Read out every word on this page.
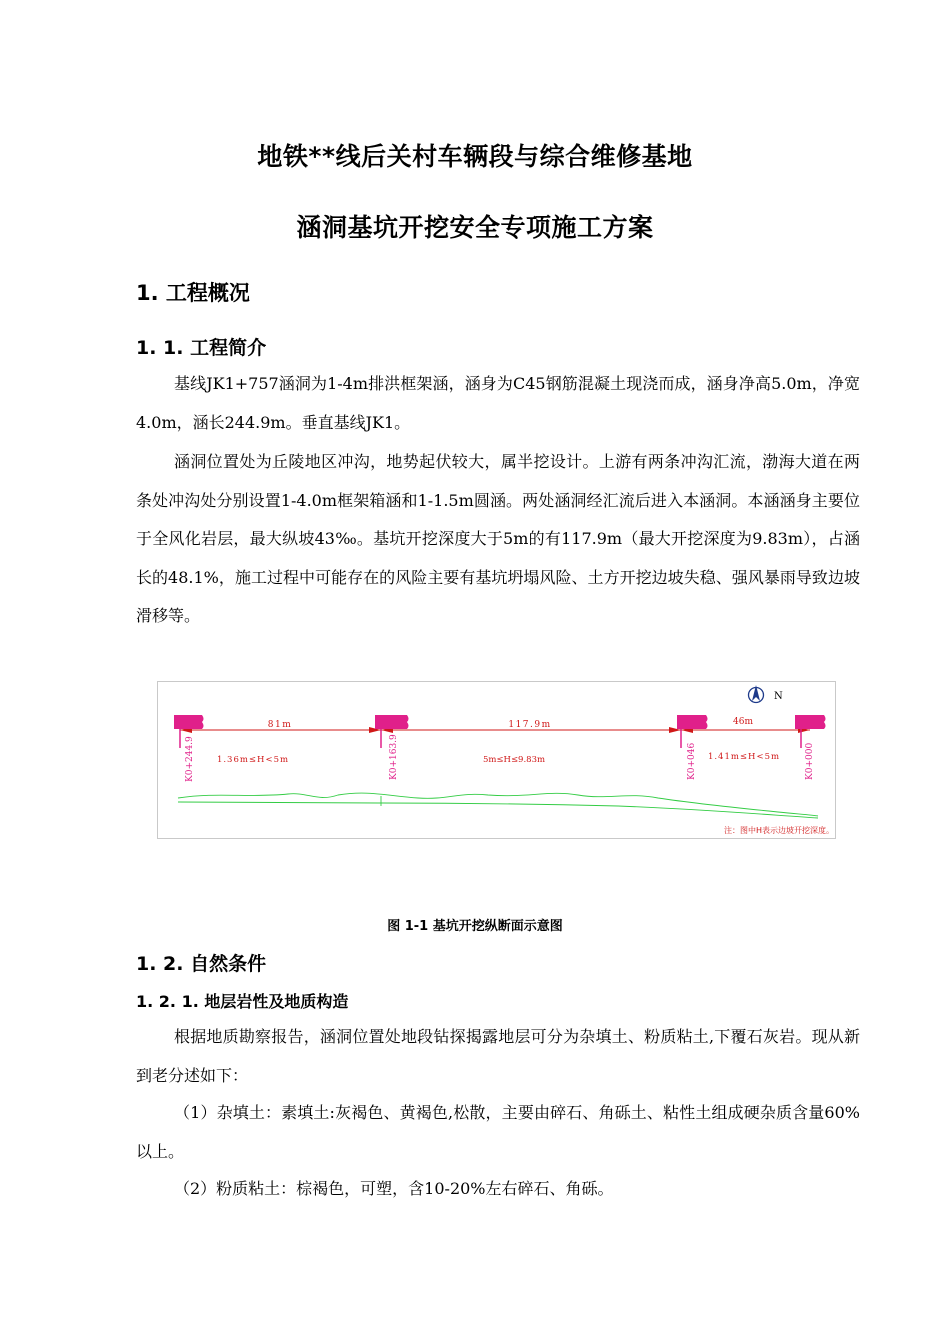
地铁**线后关村车辆段与综合维修基地
涵洞基坑开挖安全专项施工方案
1. 工程概况
1. 1. 工程简介

基线JK1+757涵洞为1-4m排洪框架涵，涵身为C45钢筋混凝土现浇而成，涵身净高5.0m，净宽4.0m，涵长244.9m。垂直基线JK1。

涵洞位置处为丘陵地区冲沟，地势起伏较大，属半挖设计。上游有两条冲沟汇流，渤海大道在两条处冲沟处分别设置1-4.0m框架箱涵和1-1.5m圆涵。两处涵洞经汇流后进入本涵洞。本涵涵身主要位于全风化岩层，最大纵坡43‰。基坑开挖深度大于5m的有117.9m（最大开挖深度为9.83m），占涵长的48.1%，施工过程中可能存在的风险主要有基坑坍塌风险、土方开挖边坡失稳、强风暴雨导致边坡滑移等。

N
81m	117.9m	46m
1.36m≤H<5m	5m≤H≤9.83m	1.41m≤H<5m
K0+244.9	K0+163.9	K0+046	K0+000
注：图中H表示边坡开挖深度。
图 1-1 基坑开挖纵断面示意图
1. 2. 自然条件
1. 2. 1. 地层岩性及地质构造

根据地质勘察报告，涵洞位置处地段钻探揭露地层可分为杂填土、粉质粘土,下覆石灰岩。现从新到老分述如下：

（1）杂填土：素填土:灰褐色、黄褐色,松散，主要由碎石、角砾土、粘性土组成硬杂质含量60%以上。

（2）粉质粘土：棕褐色，可塑，含10-20%左右碎石、角砾。
